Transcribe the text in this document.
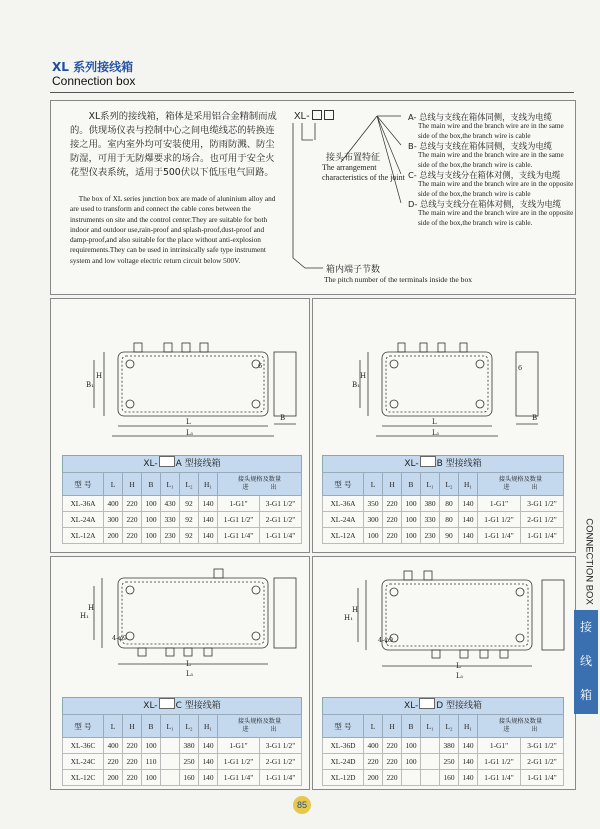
XL 系列接线箱
Connection box
XL系列的接线箱，箱体是采用铝合金精制而成的。供现场仪表与控制中心之间电缆线芯的转换连接之用。室内室外均可安装使用，防雨防溅、防尘防湿，可用于无防爆要求的场合。也可用于安全火花型仪表系统，适用于500伏以下低压电气回路。
The box of XL series junction box are made of aluninium alloy and are used to transform and connect the cable cores between the instruments on site and the control center.They are suitable for both indoor and outdoor use,rain-proof and splash-proof,dust-proof and damp-proof,and also suitable for the place without anti-explosion requirements.They can be used in intrinsically safe type instrument system and low voltage electric return circuit below 500V.
XL-
接头布置特征
The arrangement characteristics of the joint
箱内端子节数
The pitch number of the terminals inside the box
A- 总线与支线在箱体同侧，支线为电缆
The main wire and the branch wire are in the same side of the box,the branch wire is cable
B- 总线与支线在箱体同侧，支线为电缆
The main wire and the branch wire are in the same side of the box,the branch wire is cable.
C- 总线与支线分在箱体对侧，支线为电缆
The main wire and the branch wire are in the opposite side of the box,the branch wire is cable
D- 总线与支线分在箱体对侧，支线为电缆
The main wire and the branch wire are in the opposite side of the box,the branch wire is cable.
H
B₁
L
L₁
B
6
H
B₁
L
L₁
B
6
H
H₁
4-φ9
L
L₁
H
H₁
4-φ9
L
L₁
XL- A 型接线箱	XL- B 型接线箱
XL- C 型接线箱	XL- D 型接线箱
型 号	L	H	B	L₁	L₂	H₁	接头规格及数量
进 出	

XL-36A	400	220	100	430	92	140	1-G1"	3-G1 1/2"
XL-24A	300	220	100	330	92	140	1-G1 1/2"	2-G1 1/2"
XL-12A	200	220	100	230	92	140	1-G1 1/4"	1-G1 1/4"
型 号	L	H	B	L₁	L₂	H₁	接头规格及数量
进 出	

XL-36A	350	220	100	380	80	140	1-G1"	3-G1 1/2"
XL-24A	300	220	100	330	80	140	1-G1 1/2"	2-G1 1/2"
XL-12A	100	220	100	230	90	140	1-G1 1/4"	1-G1 1/4"
型 号	L	H	B	L₁	L₂	H₁	接头规格及数量
进 出	

XL-36C	400	220	100		380	140	1-G1"	3-G1 1/2"
XL-24C	220	220	110		250	140	1-G1 1/2"	2-G1 1/2"
XL-12C	200	220	100		160	140	1-G1 1/4"	1-G1 1/4"
型 号	L	H	B	L₁	L₂	H₁	接头规格及数量
进 出	

XL-36D	400	220	100		380	140	1-G1"	3-G1 1/2"
XL-24D	220	220	100		250	140	1-G1 1/2"	2-G1 1/2"
XL-12D	200	220			160	140	1-G1 1/4"	1-G1 1/4"
CONNECTION BOX
接
线
箱
85
